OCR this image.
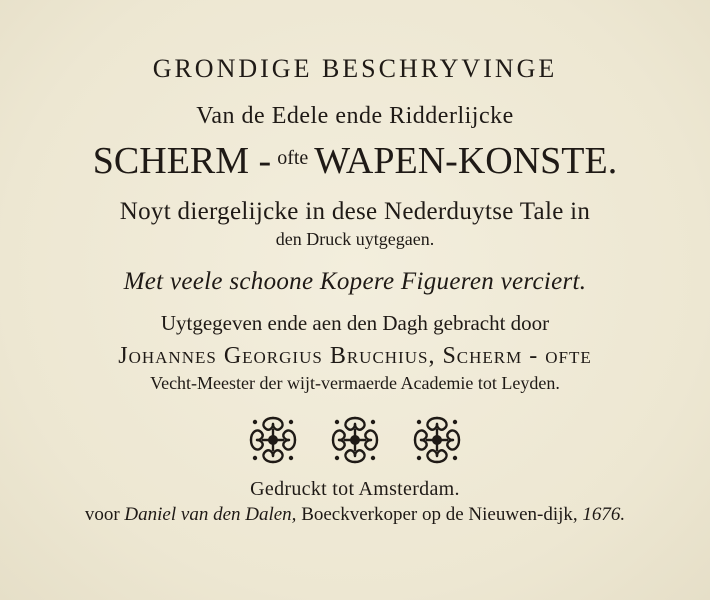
GRONDIGE BESCHRYVINGE
Van de Edele ende Ridderlijcke
SCHERM - $^{ofte}$ WAPEN-KONSTE.
Noyt diergelijcke in dese Nederduytse Tale in
den Druck uytgegaen.
Met veele schoone Kopere Figueren verciert.
Uytgegeven ende aen den Dagh gebracht door
Johannes Georgius Bruchius, Scherm - ofte
Vecht-Meester der wijt-vermaerde Academie tot Leyden.
Gedruckt tot Amsterdam.
voor Daniel van den Dalen, Boeckverkoper op de Nieuwen-dijk, 1676.
